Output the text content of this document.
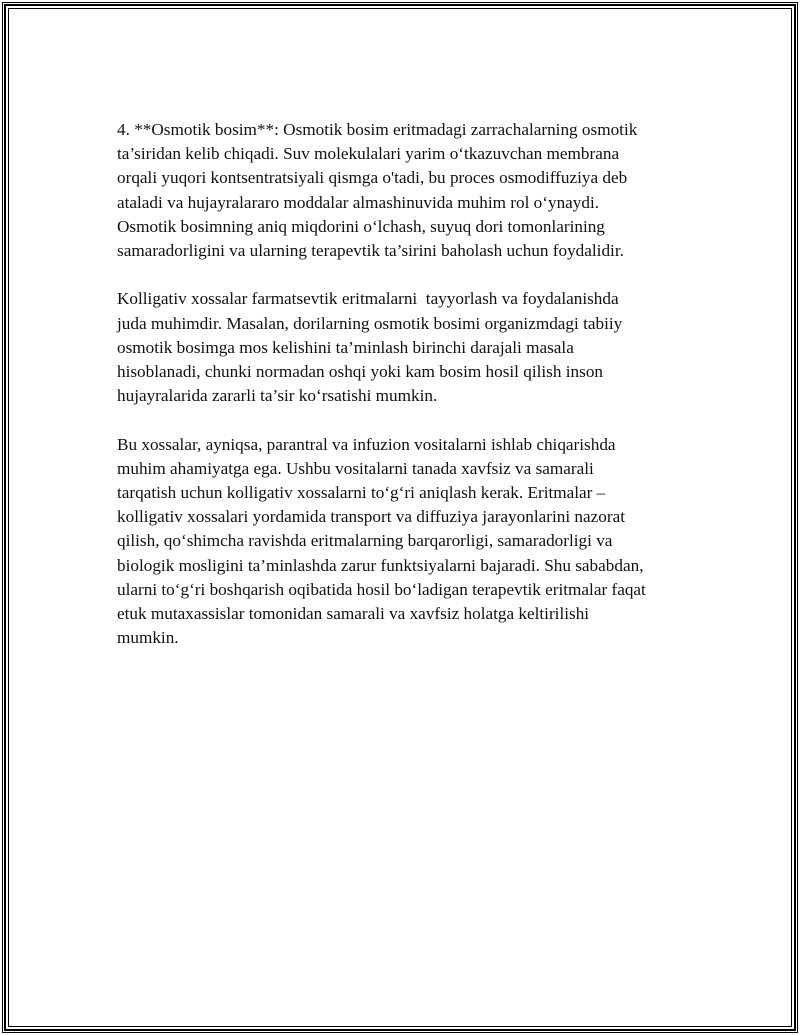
4. **Osmotik bosim**: Osmotik bosim eritmadagi zarrachalarning osmotik
ta’siridan kelib chiqadi. Suv molekulalari yarim o‘tkazuvchan membrana
orqali yuqori kontsentratsiyali qismga o'tadi, bu proces osmodiffuziya deb
ataladi va hujayralararo moddalar almashinuvida muhim rol o‘ynaydi.
Osmotik bosimning aniq miqdorini o‘lchash, suyuq dori tomonlarining
samaradorligini va ularning terapevtik ta’sirini baholash uchun foydalidir.

Kolligativ xossalar farmatsevtik eritmalarni  tayyorlash va foydalanishda
juda muhimdir. Masalan, dorilarning osmotik bosimi organizmdagi tabiiy
osmotik bosimga mos kelishini ta’minlash birinchi darajali masala
hisoblanadi, chunki normadan oshqi yoki kam bosim hosil qilish inson
hujayralarida zararli ta’sir ko‘rsatishi mumkin.

Bu xossalar, ayniqsa, parantral va infuzion vositalarni ishlab chiqarishda
muhim ahamiyatga ega. Ushbu vositalarni tanada xavfsiz va samarali
tarqatish uchun kolligativ xossalarni to‘g‘ri aniqlash kerak. Eritmalar –
kolligativ xossalari yordamida transport va diffuziya jarayonlarini nazorat
qilish, qo‘shimcha ravishda eritmalarning barqarorligi, samaradorligi va
biologik mosligini ta’minlashda zarur funktsiyalarni bajaradi. Shu sababdan,
ularni to‘g‘ri boshqarish oqibatida hosil bo‘ladigan terapevtik eritmalar faqat
etuk mutaxassislar tomonidan samarali va xavfsiz holatga keltirilishi
mumkin.
